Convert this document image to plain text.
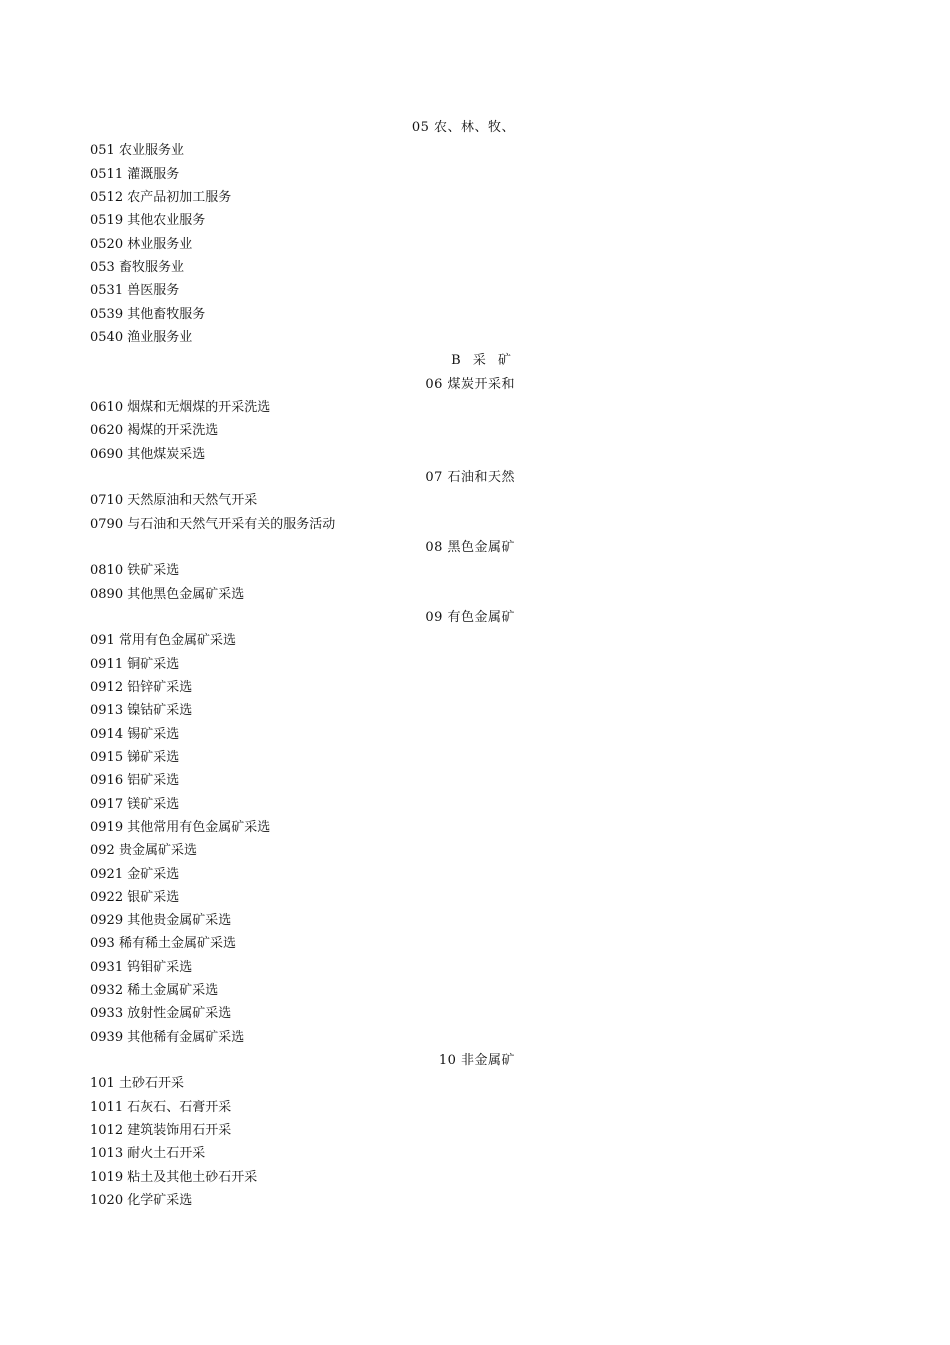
05 农、林、牧、
051 农业服务业
0511 灌溉服务
0512 农产品初加工服务
0519 其他农业服务
0520 林业服务业
053 畜牧服务业
0531 兽医服务
0539 其他畜牧服务
0540 渔业服务业
B 采 矿
06 煤炭开采和
0610 烟煤和无烟煤的开采洗选
0620 褐煤的开采洗选
0690 其他煤炭采选
07 石油和天然
0710 天然原油和天然气开采
0790 与石油和天然气开采有关的服务活动
08 黑色金属矿
0810 铁矿采选
0890 其他黑色金属矿采选
09 有色金属矿
091 常用有色金属矿采选
0911 铜矿采选
0912 铅锌矿采选
0913 镍钴矿采选
0914 锡矿采选
0915 锑矿采选
0916 铝矿采选
0917 镁矿采选
0919 其他常用有色金属矿采选
092 贵金属矿采选
0921 金矿采选
0922 银矿采选
0929 其他贵金属矿采选
093 稀有稀土金属矿采选
0931 钨钼矿采选
0932 稀土金属矿采选
0933 放射性金属矿采选
0939 其他稀有金属矿采选
10 非金属矿
101 土砂石开采
1011 石灰石、石膏开采
1012 建筑装饰用石开采
1013 耐火土石开采
1019 粘土及其他土砂石开采
1020 化学矿采选
